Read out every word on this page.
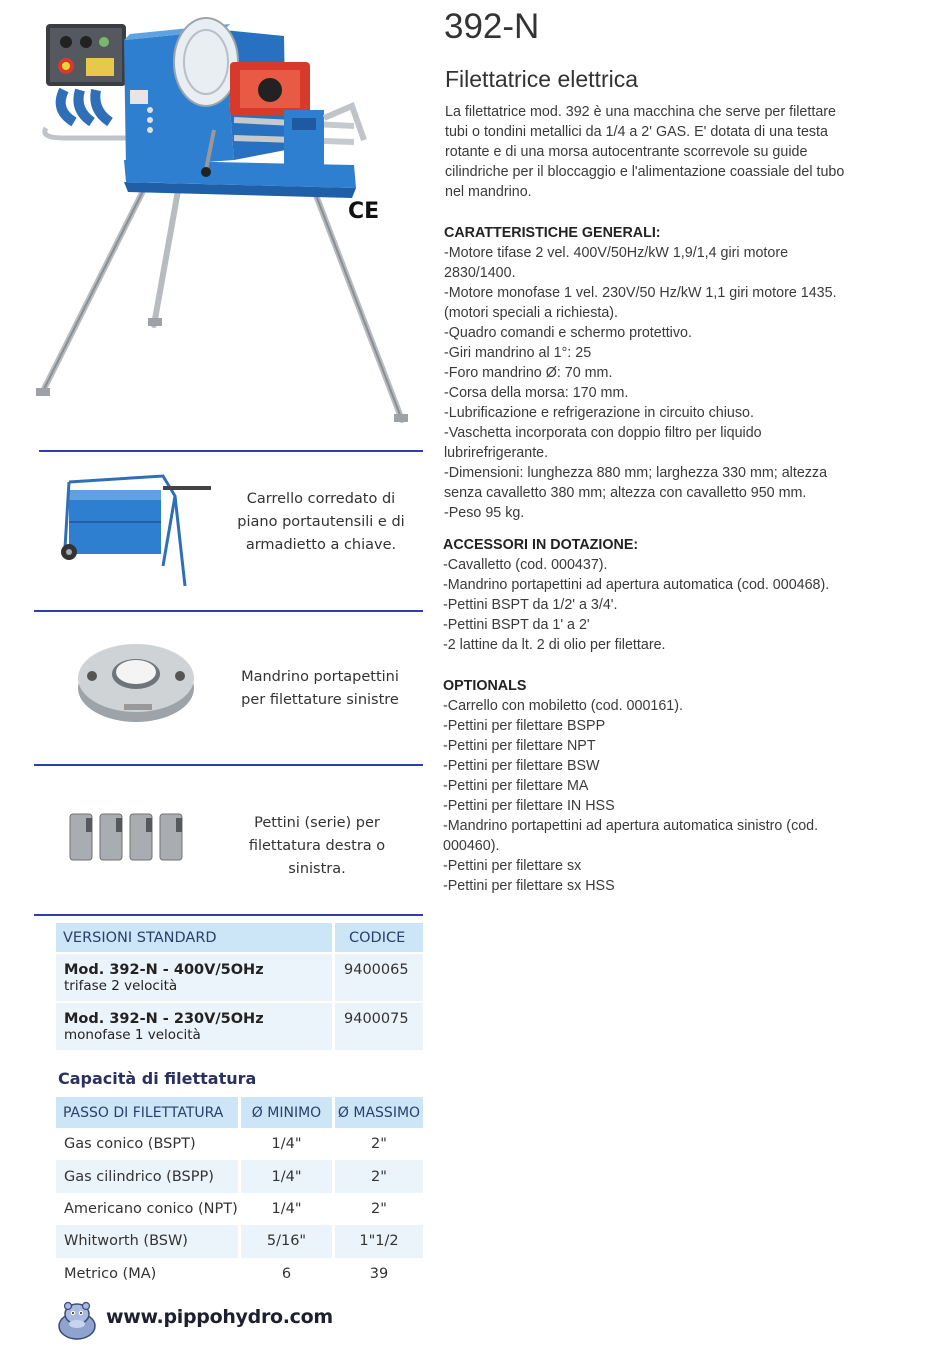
CE
Carrello corredato di piano portautensili e di armadietto a chiave.
Mandrino portapettini per filettature sinistre
Pettini (serie) per filettatura destra o sinistra.
VERSIONI STANDARD	CODICE

Mod. 392-N - 400V/5OHz
trifase 2 velocità	9400065

Mod. 392-N - 230V/5OHz
monofase 1 velocità	9400075
Capacità di filettatura
PASSO DI FILETTATURA	Ø MINIMO	Ø MASSIMO
Gas conico (BSPT)	1/4"	2"
Gas cilindrico (BSPP)	1/4"	2"
Americano conico (NPT)	1/4"	2"
Whitworth (BSW)	5/16"	1"1/2
Metrico (MA)	6	39
www.pippohydro.com
392-N
Filettatrice elettrica
La filettatrice mod. 392 è una macchina che serve per filettare tubi o tondini metallici da 1/4 a 2' GAS. E' dotata di una testa rotante e di una morsa autocentrante scorrevole su guide cilindriche per il bloccaggio e l'alimentazione coassiale del tubo nel mandrino.
CARATTERISTICHE GENERALI:
-Motore tifase 2 vel. 400V/50Hz/kW 1,9/1,4 giri motore 2830/1400.
-Motore monofase 1 vel. 230V/50 Hz/kW 1,1 giri motore 1435. (motori speciali a richiesta).
-Quadro comandi e schermo protettivo.
-Giri mandrino al 1°: 25
-Foro mandrino Ø: 70 mm.
-Corsa della morsa: 170 mm.
-Lubrificazione e refrigerazione in circuito chiuso.
-Vaschetta incorporata con doppio filtro per liquido lubrirefrigerante.
-Dimensioni: lunghezza 880 mm; larghezza 330 mm; altezza senza cavalletto 380 mm; altezza con cavalletto 950 mm.
-Peso 95 kg.
ACCESSORI IN DOTAZIONE:
-Cavalletto (cod. 000437).
-Mandrino portapettini ad apertura automatica (cod. 000468).
-Pettini BSPT da 1/2' a 3/4'.
-Pettini BSPT da 1' a 2'
-2 lattine da lt. 2 di olio per filettare.
OPTIONALS
-Carrello con mobiletto (cod. 000161).
-Pettini per filettare BSPP
-Pettini per filettare NPT
-Pettini per filettare BSW
-Pettini per filettare MA
-Pettini per filettare IN HSS
-Mandrino portapettini ad apertura automatica sinistro (cod. 000460).
-Pettini per filettare sx
-Pettini per filettare sx HSS
